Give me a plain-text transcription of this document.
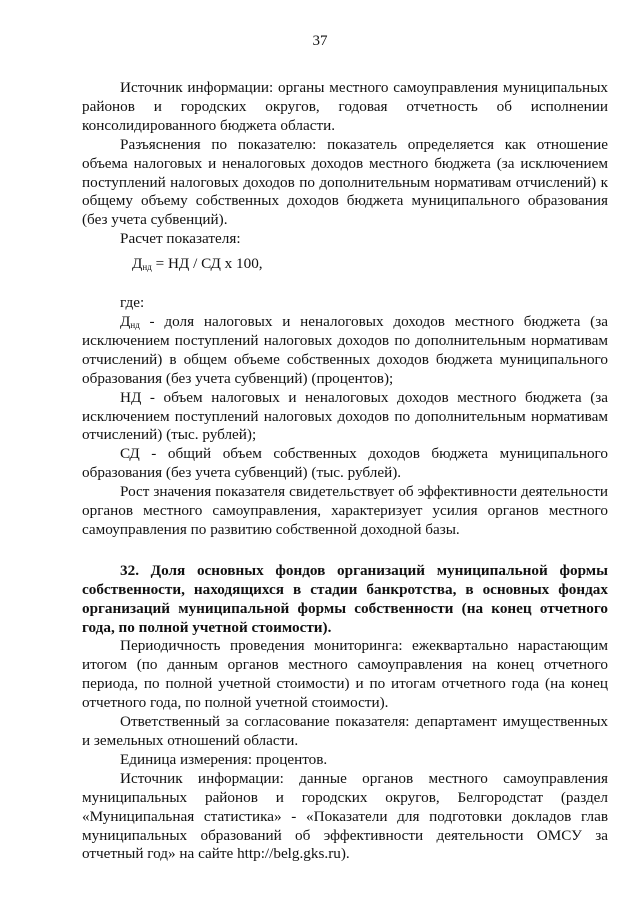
37

Источник информации: органы местного самоуправления муниципальных районов и городских округов, годовая отчетность об исполнении консолидированного бюджета области.

Разъяснения по показателю: показатель определяется как отношение объема налоговых и неналоговых доходов местного бюджета (за исключением поступлений налоговых доходов по дополнительным нормативам отчислений) к общему объему собственных доходов бюджета муниципального образования (без учета субвенций).

Расчет показателя:

$Д_{нд}$ = НД / СД x 100,

где:

$Д_{нд}$ - доля налоговых и неналоговых доходов местного бюджета (за исключением поступлений налоговых доходов по дополнительным нормативам отчислений) в общем объеме собственных доходов бюджета муниципального образования (без учета субвенций) (процентов);

НД - объем налоговых и неналоговых доходов местного бюджета (за исключением поступлений налоговых доходов по дополнительным нормативам отчислений) (тыс. рублей);

СД - общий объем собственных доходов бюджета муниципального образования (без учета субвенций) (тыс. рублей).

Рост значения показателя свидетельствует об эффективности деятельности органов местного самоуправления, характеризует усилия органов местного самоуправления по развитию собственной доходной базы.

32. Доля основных фондов организаций муниципальной формы собственности, находящихся в стадии банкротства, в основных фондах организаций муниципальной формы собственности (на конец отчетного года, по полной учетной стоимости).

Периодичность проведения мониторинга: ежеквартально нарастающим итогом (по данным органов местного самоуправления на конец отчетного периода, по полной учетной стоимости) и по итогам отчетного года (на конец отчетного года, по полной учетной стоимости).

Ответственный за согласование показателя: департамент имущественных и земельных отношений области.

Единица измерения: процентов.

Источник информации: данные органов местного самоуправления муниципальных районов и городских округов, Белгородстат (раздел «Муниципальная статистика» - «Показатели для подготовки докладов глав муниципальных образований об эффективности деятельности ОМСУ за отчетный год» на сайте http://belg.gks.ru).
